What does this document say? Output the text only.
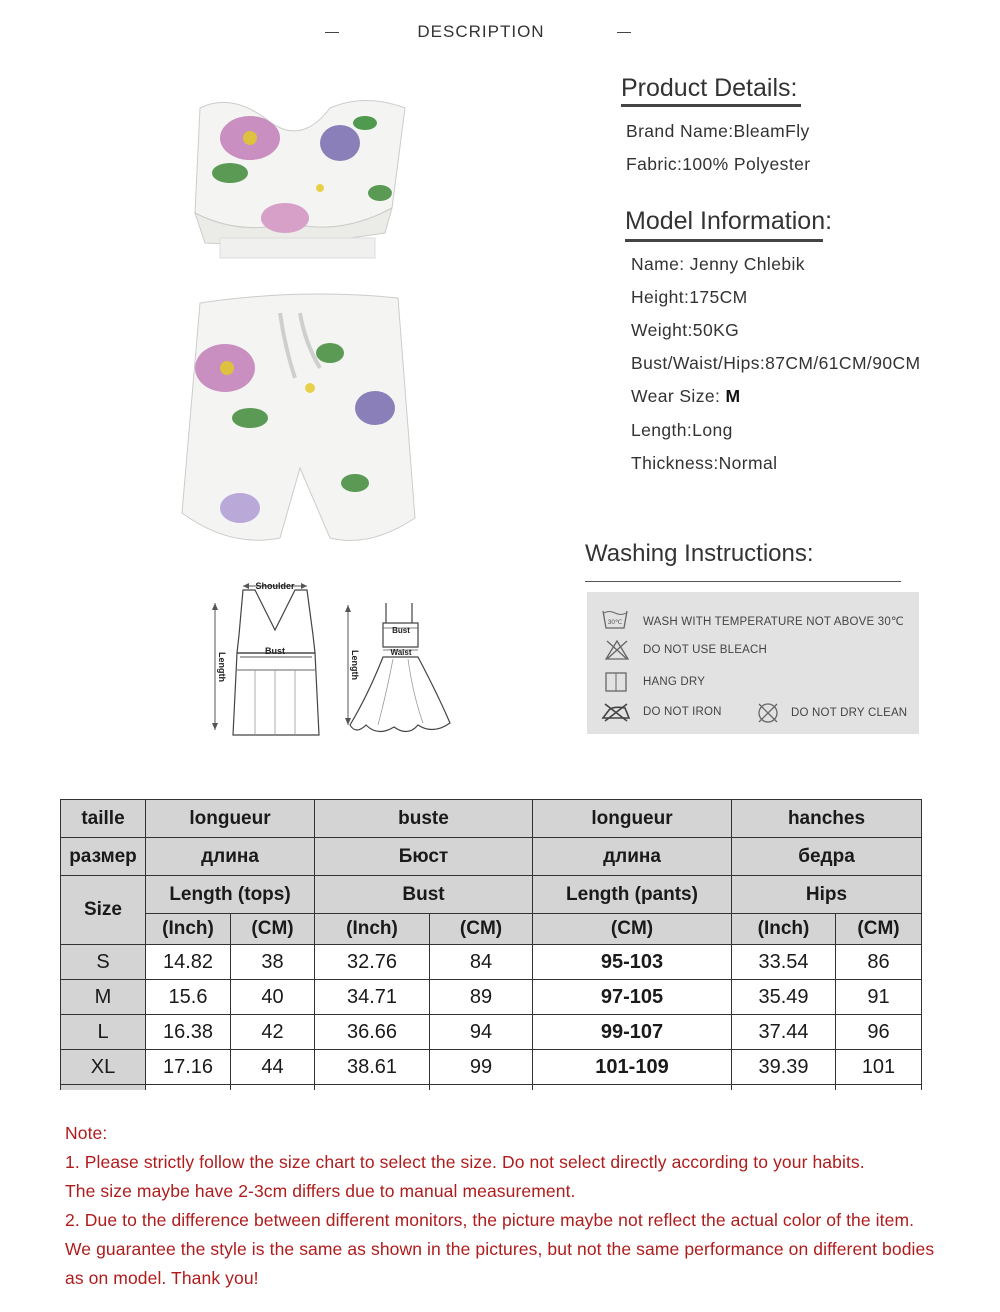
DESCRIPTION
Product Details:
Brand Name:BleamFly
Fabric:100% Polyester
Model Information:
Name: Jenny Chlebik
Height:175CM
Weight:50KG
Bust/Waist/Hips:87CM/61CM/90CM
Wear Size: M
Length:Long
Thickness:Normal
Washing Instructions:
30℃ WASH WITH TEMPERATURE NOT ABOVE 30℃
DO NOT USE BLEACH
HANG DRY
DO NOT IRON	DO NOT DRY CLEAN
Shoulder
Length
Bust	Length
Bust
Waist
taille	longueur		buste		longueur	hanches	
размер	длина		Бюст		длина	бедра	
Size	Length (tops)		Bust		Length (pants)	Hips	
	(Inch)	(CM)	(Inch)	(CM)	(CM)	(Inch)	(CM)
S	14.82	38	32.76	84	95-103	33.54	86
M	15.6	40	34.71	89	97-105	35.49	91
L	16.38	42	36.66	94	99-107	37.44	96
XL	17.16	44	38.61	99	101-109	39.39	101

Note:
1. Please strictly follow the size chart to select the size. Do not select directly according to your habits.
The size maybe have 2-3cm differs due to manual measurement.
2. Due to the difference between different monitors, the picture maybe not reflect the actual color of the item.
We guarantee the style is the same as shown in the pictures, but not the same performance on different bodies
as on model. Thank you!
